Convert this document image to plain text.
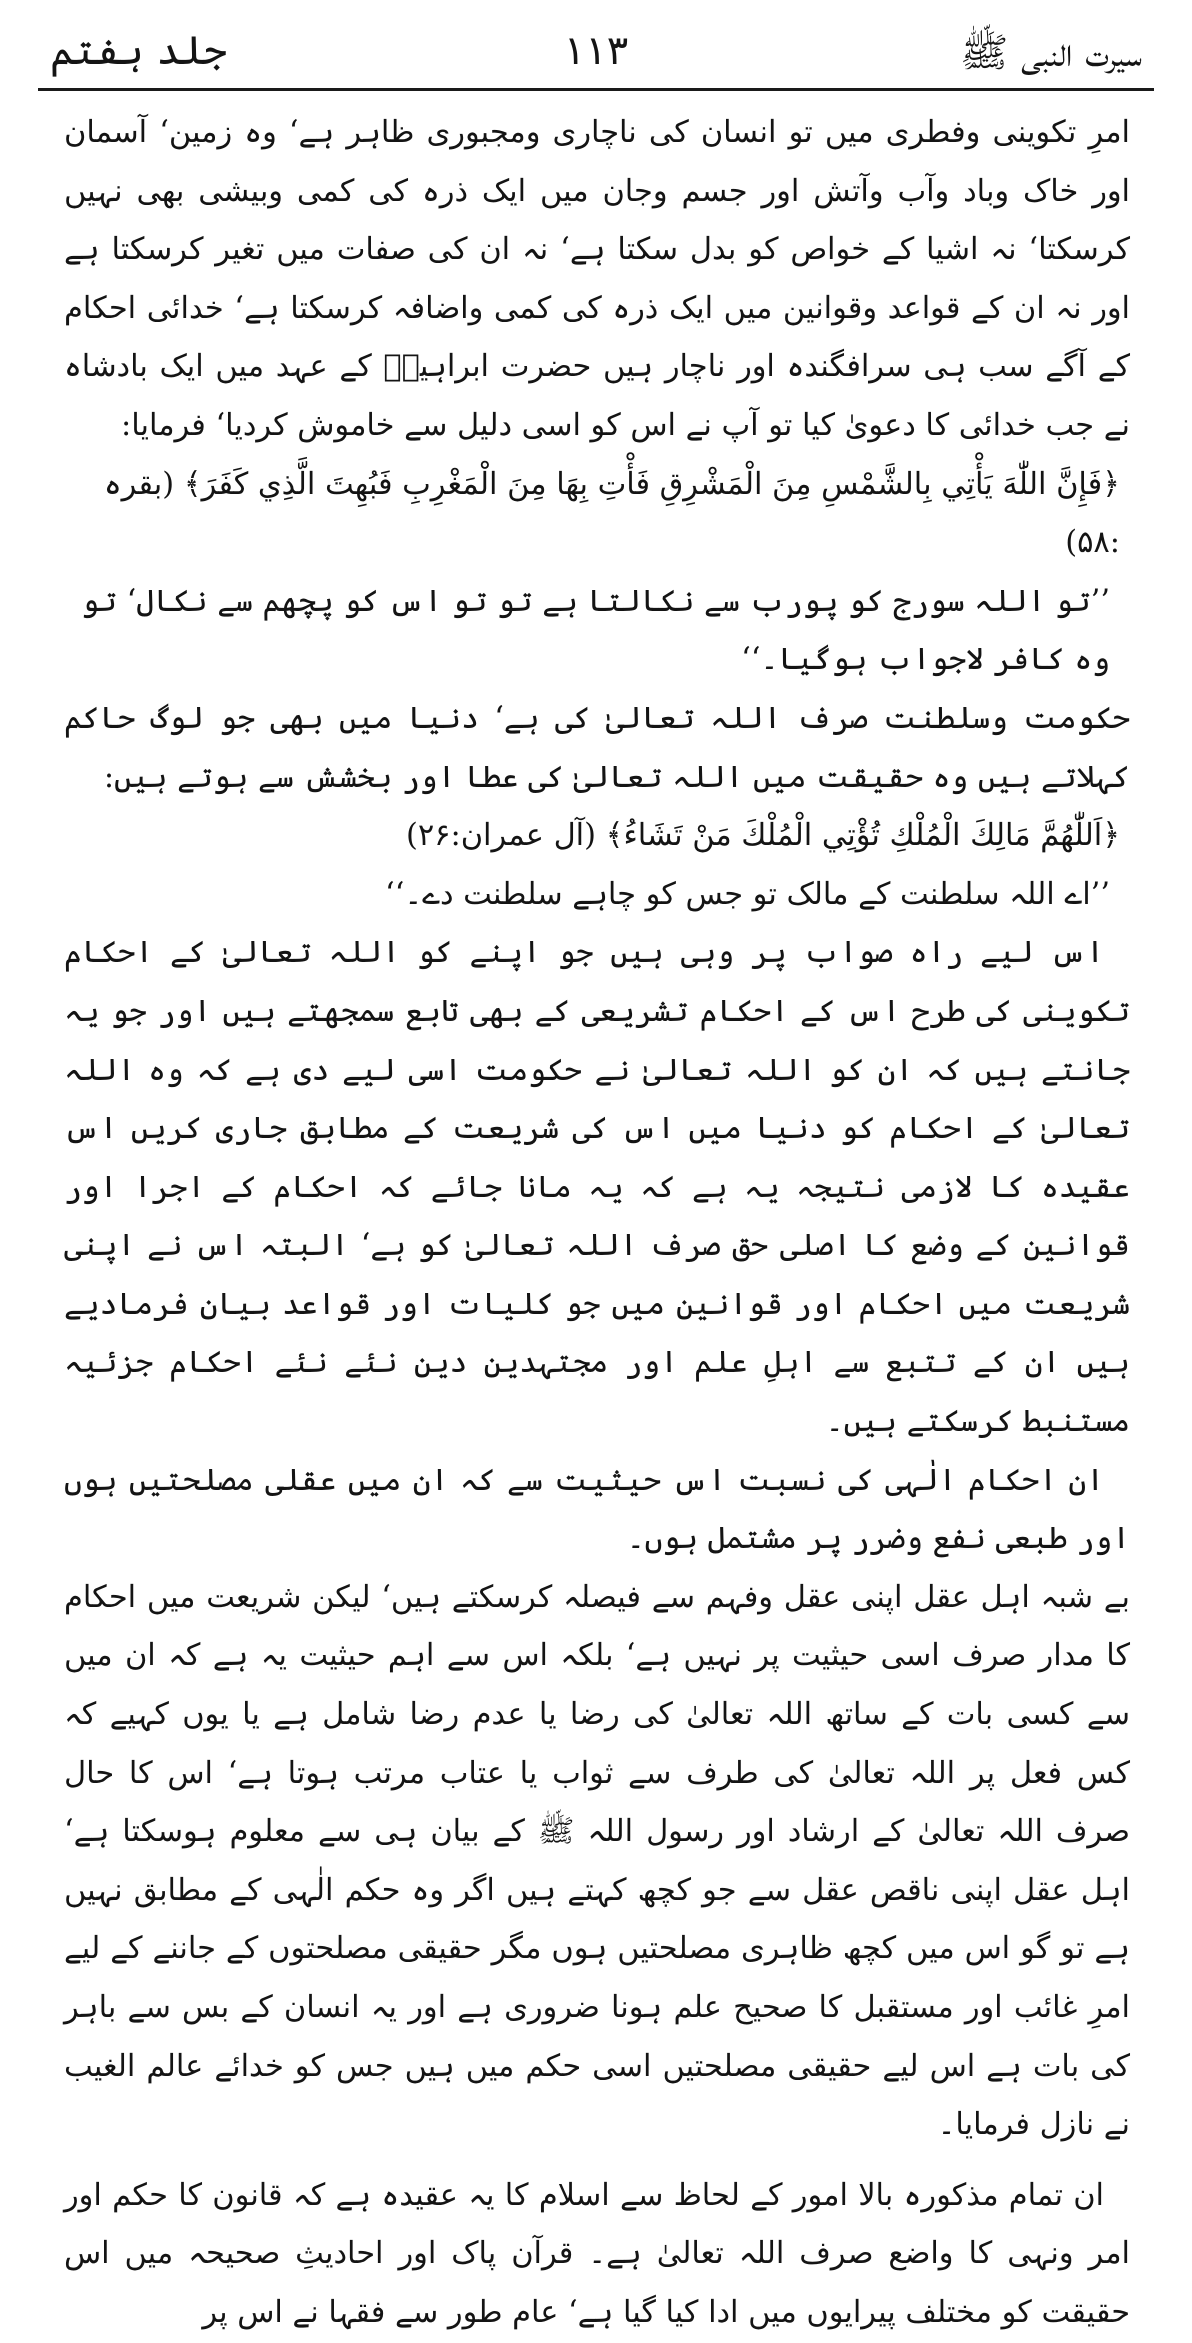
جلد ہفتم	۱۱۳	سیرت النبی ﷺ

امرِ تکوینی وفطری میں تو انسان کی ناچاری ومجبوری ظاہر ہے‘ وہ زمین‘ آسمان اور خاک وباد وآب وآتش اور جسم وجان میں ایک ذرہ کی کمی وبیشی بھی نہیں کرسکتا‘ نہ اشیا کے خواص کو بدل سکتا ہے‘ نہ ان کی صفات میں تغیر کرسکتا ہے اور نہ ان کے قواعد وقوانین میں ایک ذرہ کی کمی واضافہ کرسکتا ہے‘ خدائی احکام کے آگے سب ہی سرافگندہ اور ناچار ہیں حضرت ابراہیمؑ کے عہد میں ایک بادشاہ نے جب خدائی کا دعویٰ کیا تو آپ نے اس کو اسی دلیل سے خاموش کردیا‘ فرمایا:

﴿فَإِنَّ اللّٰهَ يَأْتِي بِالشَّمْسِ مِنَ الْمَشْرِقِ فَأْتِ بِهَا مِنَ الْمَغْرِبِ فَبُهِتَ الَّذِي كَفَرَ﴾ (بقرہ :۵۸)

’’تو اللہ سورج کو پورب سے نکالتا ہے تو تو اس کو پچھم سے نکال‘ تو وہ کافر لاجواب ہوگیا۔‘‘

حکومت وسلطنت صرف اللہ تعالیٰ کی ہے‘ دنیا میں بھی جو لوگ حاکم کہلاتے ہیں وہ حقیقت میں اللہ تعالیٰ کی عطا اور بخشش سے ہوتے ہیں:

﴿اَللّٰهُمَّ مَالِكَ الْمُلْكِ تُؤْتِي الْمُلْكَ مَنْ تَشَاءُ﴾ (آل عمران:۲۶)

’’اے اللہ سلطنت کے مالک تو جس کو چاہے سلطنت دے۔‘‘

اس لیے راہ صواب پر وہی ہیں جو اپنے کو اللہ تعالیٰ کے احکام تکوینی کی طرح اس کے احکام تشریعی کے بھی تابع سمجھتے ہیں اور جو یہ جانتے ہیں کہ ان کو اللہ تعالیٰ نے حکومت اسی لیے دی ہے کہ وہ اللہ تعالیٰ کے احکام کو دنیا میں اس کی شریعت کے مطابق جاری کریں اس عقیدہ کا لازمی نتیجہ یہ ہے کہ یہ مانا جائے کہ احکام کے اجرا اور قوانین کے وضع کا اصلی حق صرف اللہ تعالیٰ کو ہے‘ البتہ اس نے اپنی شریعت میں احکام اور قوانین میں جو کلیات اور قواعد بیان فرمادیے ہیں ان کے تتبع سے اہلِ علم اور مجتہدین دین نئے نئے احکام جزئیہ مستنبط کرسکتے ہیں۔

ان احکام الٰہی کی نسبت اس حیثیت سے کہ ان میں عقلی مصلحتیں ہوں اور طبعی نفع وضرر پر مشتمل ہوں۔

بے شبہ اہل عقل اپنی عقل وفہم سے فیصلہ کرسکتے ہیں‘ لیکن شریعت میں احکام کا مدار صرف اسی حیثیت پر نہیں ہے‘ بلکہ اس سے اہم حیثیت یہ ہے کہ ان میں سے کسی بات کے ساتھ اللہ تعالیٰ کی رضا یا عدم رضا شامل ہے یا یوں کہیے کہ کس فعل پر اللہ تعالیٰ کی طرف سے ثواب یا عتاب مرتب ہوتا ہے‘ اس کا حال صرف اللہ تعالیٰ کے ارشاد اور رسول اللہ ﷺ کے بیان ہی سے معلوم ہوسکتا ہے‘ اہل عقل اپنی ناقص عقل سے جو کچھ کہتے ہیں اگر وہ حکم الٰہی کے مطابق نہیں ہے تو گو اس میں کچھ ظاہری مصلحتیں ہوں مگر حقیقی مصلحتوں کے جاننے کے لیے امرِ غائب اور مستقبل کا صحیح علم ہونا ضروری ہے اور یہ انسان کے بس سے باہر کی بات ہے اس لیے حقیقی مصلحتیں اسی حکم میں ہیں جس کو خدائے عالم الغیب نے نازل فرمایا۔

ان تمام مذکورہ بالا امور کے لحاظ سے اسلام کا یہ عقیدہ ہے کہ قانون کا حکم اور امر ونہی کا واضع صرف اللہ تعالیٰ ہے۔ قرآن پاک اور احادیثِ صحیحہ میں اس حقیقت کو مختلف پیرایوں میں ادا کیا گیا ہے‘ عام طور سے فقہا نے اس پر
